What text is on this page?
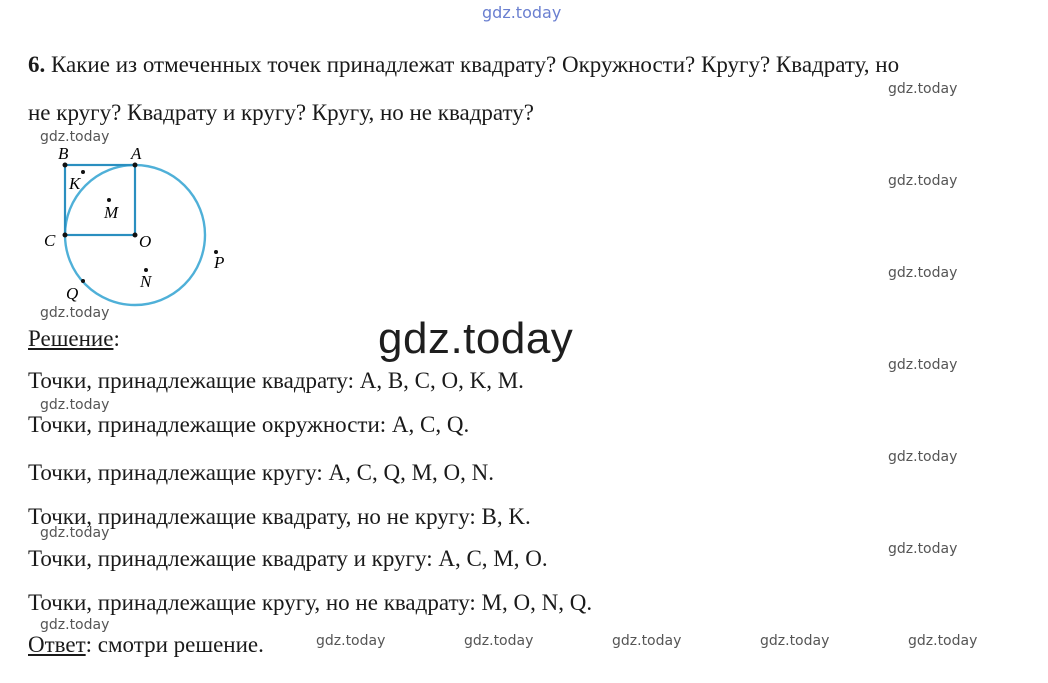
gdz.today
gdz.today
gdz.today
gdz.today
gdz.today
gdz.today
gdz.today
gdz.today
gdz.today
gdz.today
gdz.today
gdz.today
gdz.today	gdz.today	gdz.today	gdz.today	gdz.today
gdz.today
6. Какие из отмеченных точек принадлежат квадрату? Окружности? Кругу? Квадрату, но
не кругу? Квадрату и кругу? Кругу, но не квадрату?
B	A
K
M
C	O
P
N
Q
Решение:
Точки, принадлежащие квадрату: A, B, C, O, K, M.
Точки, принадлежащие окружности: A, C, Q.
Точки, принадлежащие кругу: A, C, Q, M, O, N.
Точки, принадлежащие квадрату, но не кругу: B, K.
Точки, принадлежащие квадрату и кругу: A, C, M, O.
Точки, принадлежащие кругу, но не квадрату: M, O, N, Q.
Ответ: смотри решение.
